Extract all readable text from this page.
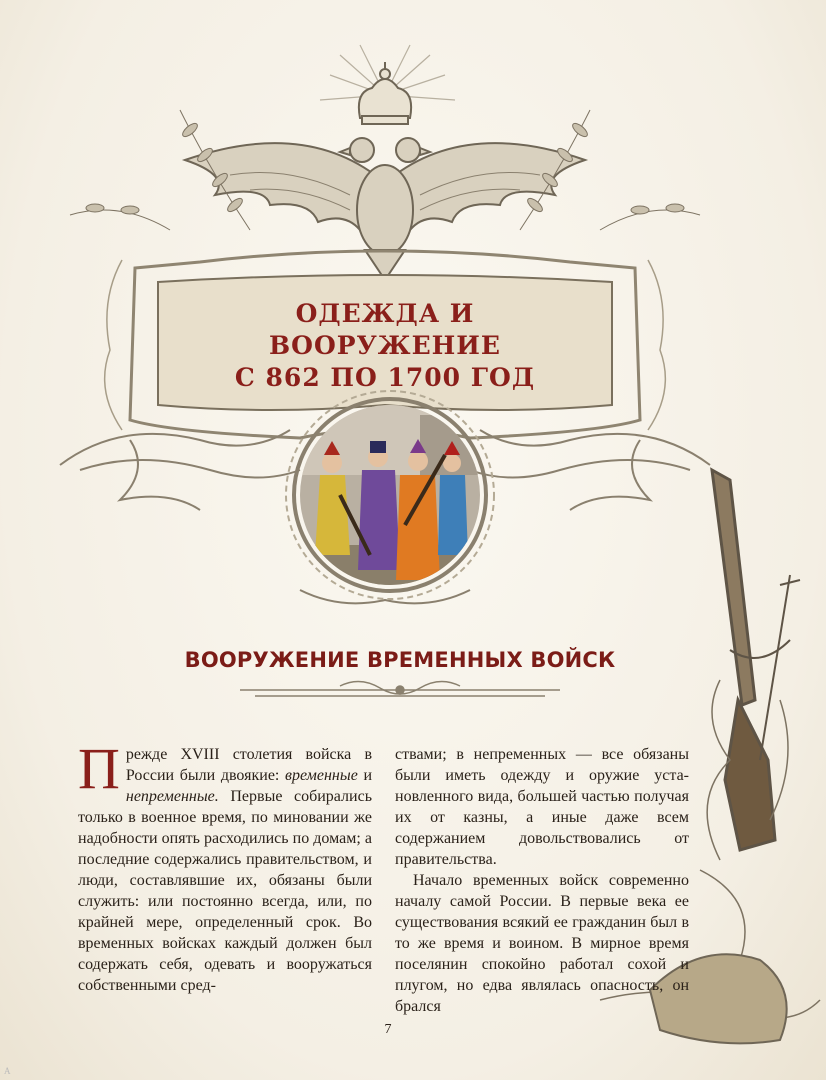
ОДЕЖДА И ВООРУЖЕНИЕ
С 862 ПО 1700 ГОД
ВООРУЖЕНИЕ ВРЕМЕННЫХ ВОЙСК

Прежде XVIII столетия войска в России были двоякие: временные и непременные. Первые собирались только в военное время, по миновании же надобности опять расходились по домам; а последние содержались правительством, и люди, составлявшие их, обязаны были служить: или постоянно всегда, или, по крайней мере, определенный срок. Во временных войсках каждый должен был содержать себя, одевать и вооружаться собственными сред-

ствами; в непременных — все обязаны были иметь одежду и оружие установленного вида, большей частью получая их от казны, а иные даже всем содержанием довольствовались от правительства.

Начало временных войск современно началу самой России. В первые века ее существования всякий ее гражданин был в то же время и воином. В мирное время поселянин спокойно работал сохой и плугом, но едва являлась опасность, он брался

7
А
